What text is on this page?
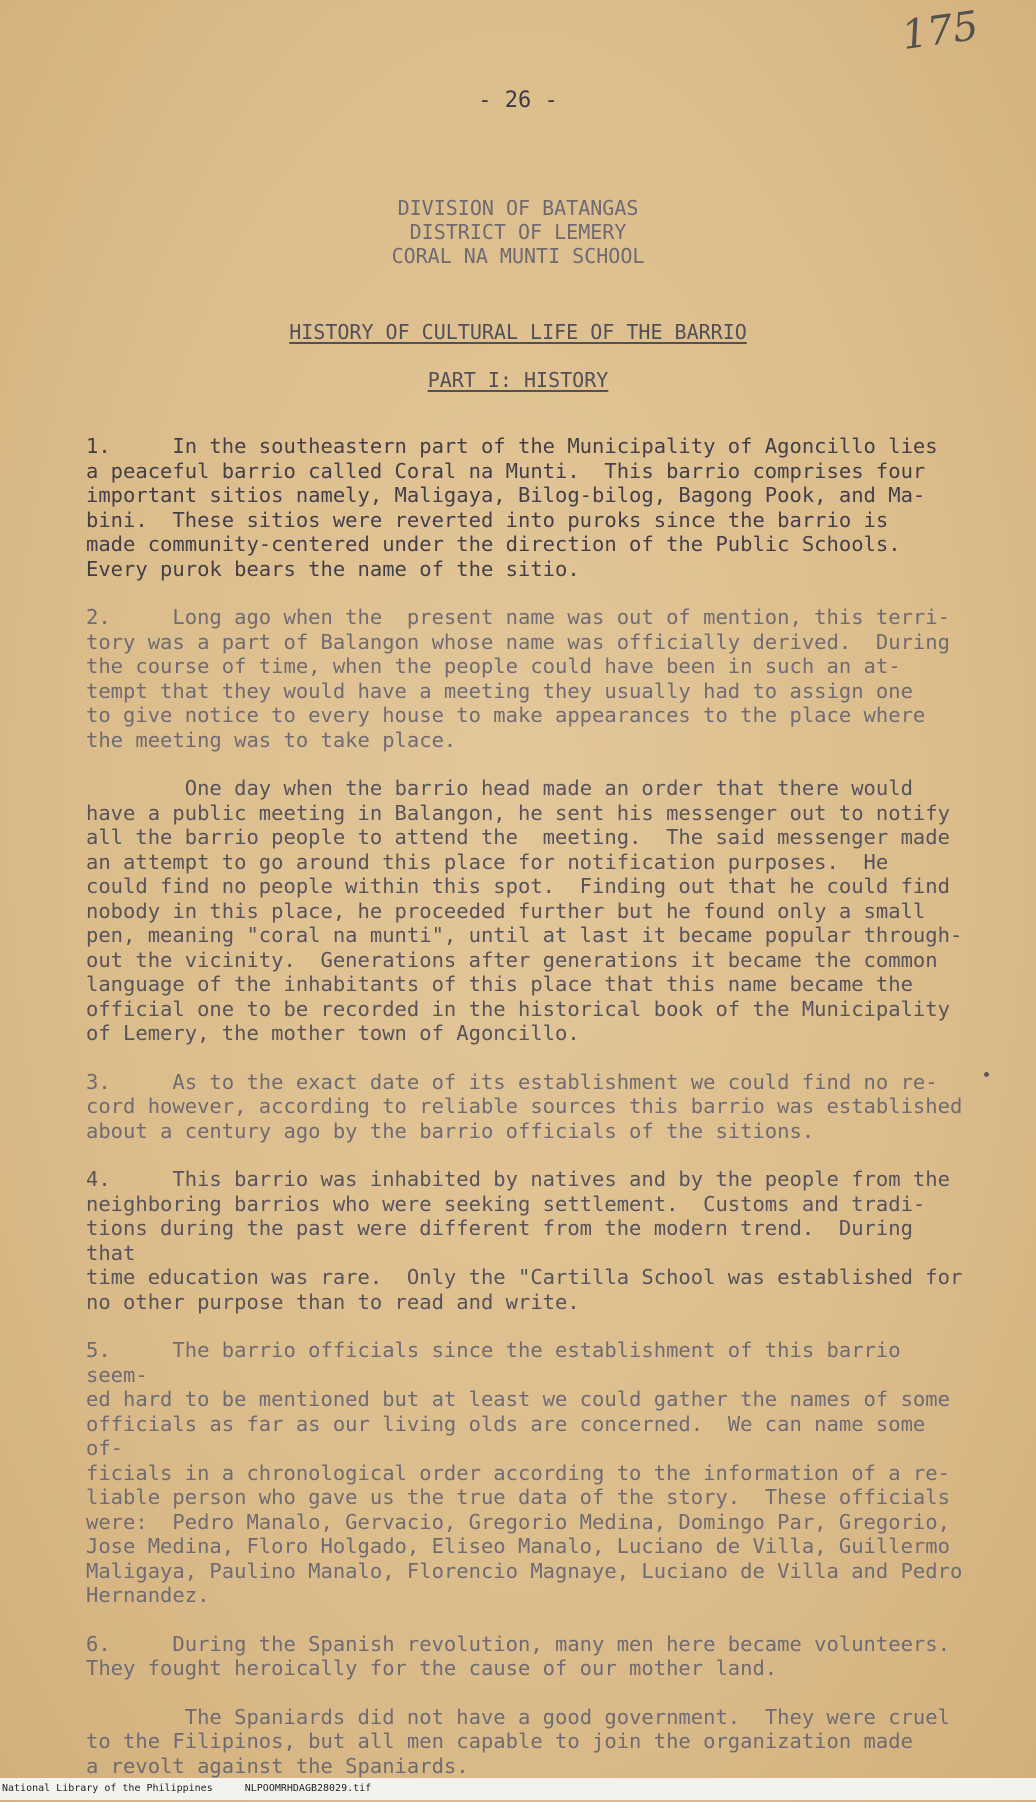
175
- 26 -
DIVISION OF BATANGAS
DISTRICT OF LEMERY
CORAL NA MUNTI SCHOOL
HISTORY OF CULTURAL LIFE OF THE BARRIO
PART I: HISTORY

1.     In the southeastern part of the Municipality of Agoncillo lies
a peaceful barrio called Coral na Munti.  This barrio comprises four
important sitios namely, Maligaya, Bilog-bilog, Bagong Pook, and Ma-
bini.  These sitios were reverted into puroks since the barrio is
made community-centered under the direction of the Public Schools.
Every purok bears the name of the sitio.

2.     Long ago when the  present name was out of mention, this terri-
tory was a part of Balangon whose name was officially derived.  During
the course of time, when the people could have been in such an at-
tempt that they would have a meeting they usually had to assign one
to give notice to every house to make appearances to the place where
the meeting was to take place.

One day when the barrio head made an order that there would
have a public meeting in Balangon, he sent his messenger out to notify
all the barrio people to attend the  meeting.  The said messenger made
an attempt to go around this place for notification purposes.  He
could find no people within this spot.  Finding out that he could find
nobody in this place, he proceeded further but he found only a small
pen, meaning "coral na munti", until at last it became popular through-
out the vicinity.  Generations after generations it became the common
language of the inhabitants of this place that this name became the
official one to be recorded in the historical book of the Municipality
of Lemery, the mother town of Agoncillo.

3.     As to the exact date of its establishment we could find no re-
cord however, according to reliable sources this barrio was established
about a century ago by the barrio officials of the sitions.

4.     This barrio was inhabited by natives and by the people from the
neighboring barrios who were seeking settlement.  Customs and tradi-
tions during the past were different from the modern trend.  During that
time education was rare.  Only the "Cartilla School was established for
no other purpose than to read and write.

5.     The barrio officials since the establishment of this barrio seem-
ed hard to be mentioned but at least we could gather the names of some
officials as far as our living olds are concerned.  We can name some of-
ficials in a chronological order according to the information of a re-
liable person who gave us the true data of the story.  These officials
were:  Pedro Manalo, Gervacio, Gregorio Medina, Domingo Par, Gregorio,
Jose Medina, Floro Holgado, Eliseo Manalo, Luciano de Villa, Guillermo
Maligaya, Paulino Manalo, Florencio Magnaye, Luciano de Villa and Pedro
Hernandez.

6.     During the Spanish revolution, many men here became volunteers.
They fought heroically for the cause of our mother land.

The Spaniards did not have a good government.  They were cruel
to the Filipinos, but all men capable to join the organization made
a revolt against the Spaniards.

National Library of the Philippines	NLPOOMRHDAGB28029.tif
